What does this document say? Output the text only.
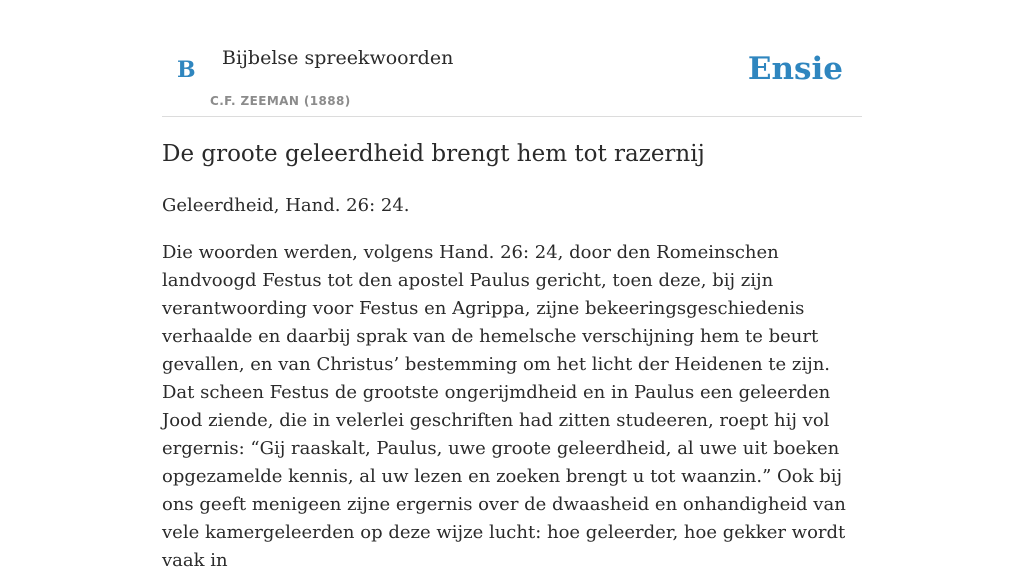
B Bijbelse spreekwoorden
C.F. ZEEMAN (1888)
Ensie
De groote geleerdheid brengt hem tot razernij

Geleerdheid, Hand. 26: 24.

Die woorden werden, volgens Hand. 26: 24, door den Romeinschen landvoogd Festus tot den apostel Paulus gericht, toen deze, bij zijn verantwoording voor Festus en Agrippa, zijne bekeeringsgeschiedenis verhaalde en daarbij sprak van de hemelsche verschijning hem te beurt gevallen, en van Christus’ bestemming om het licht der Heidenen te zijn. Dat scheen Festus de grootste ongerijmdheid en in Paulus een geleerden Jood ziende, die in velerlei geschriften had zitten studeeren, roept hij vol ergernis: “Gij raaskalt, Paulus, uwe groote geleerdheid, al uwe uit boeken opgezamelde kennis, al uw lezen en zoeken brengt u tot waanzin.” Ook bij ons geeft menigeen zijne ergernis over de dwaasheid en onhandigheid van vele kamergeleerden op deze wijze lucht: hoe geleerder, hoe gekker wordt vaak in
